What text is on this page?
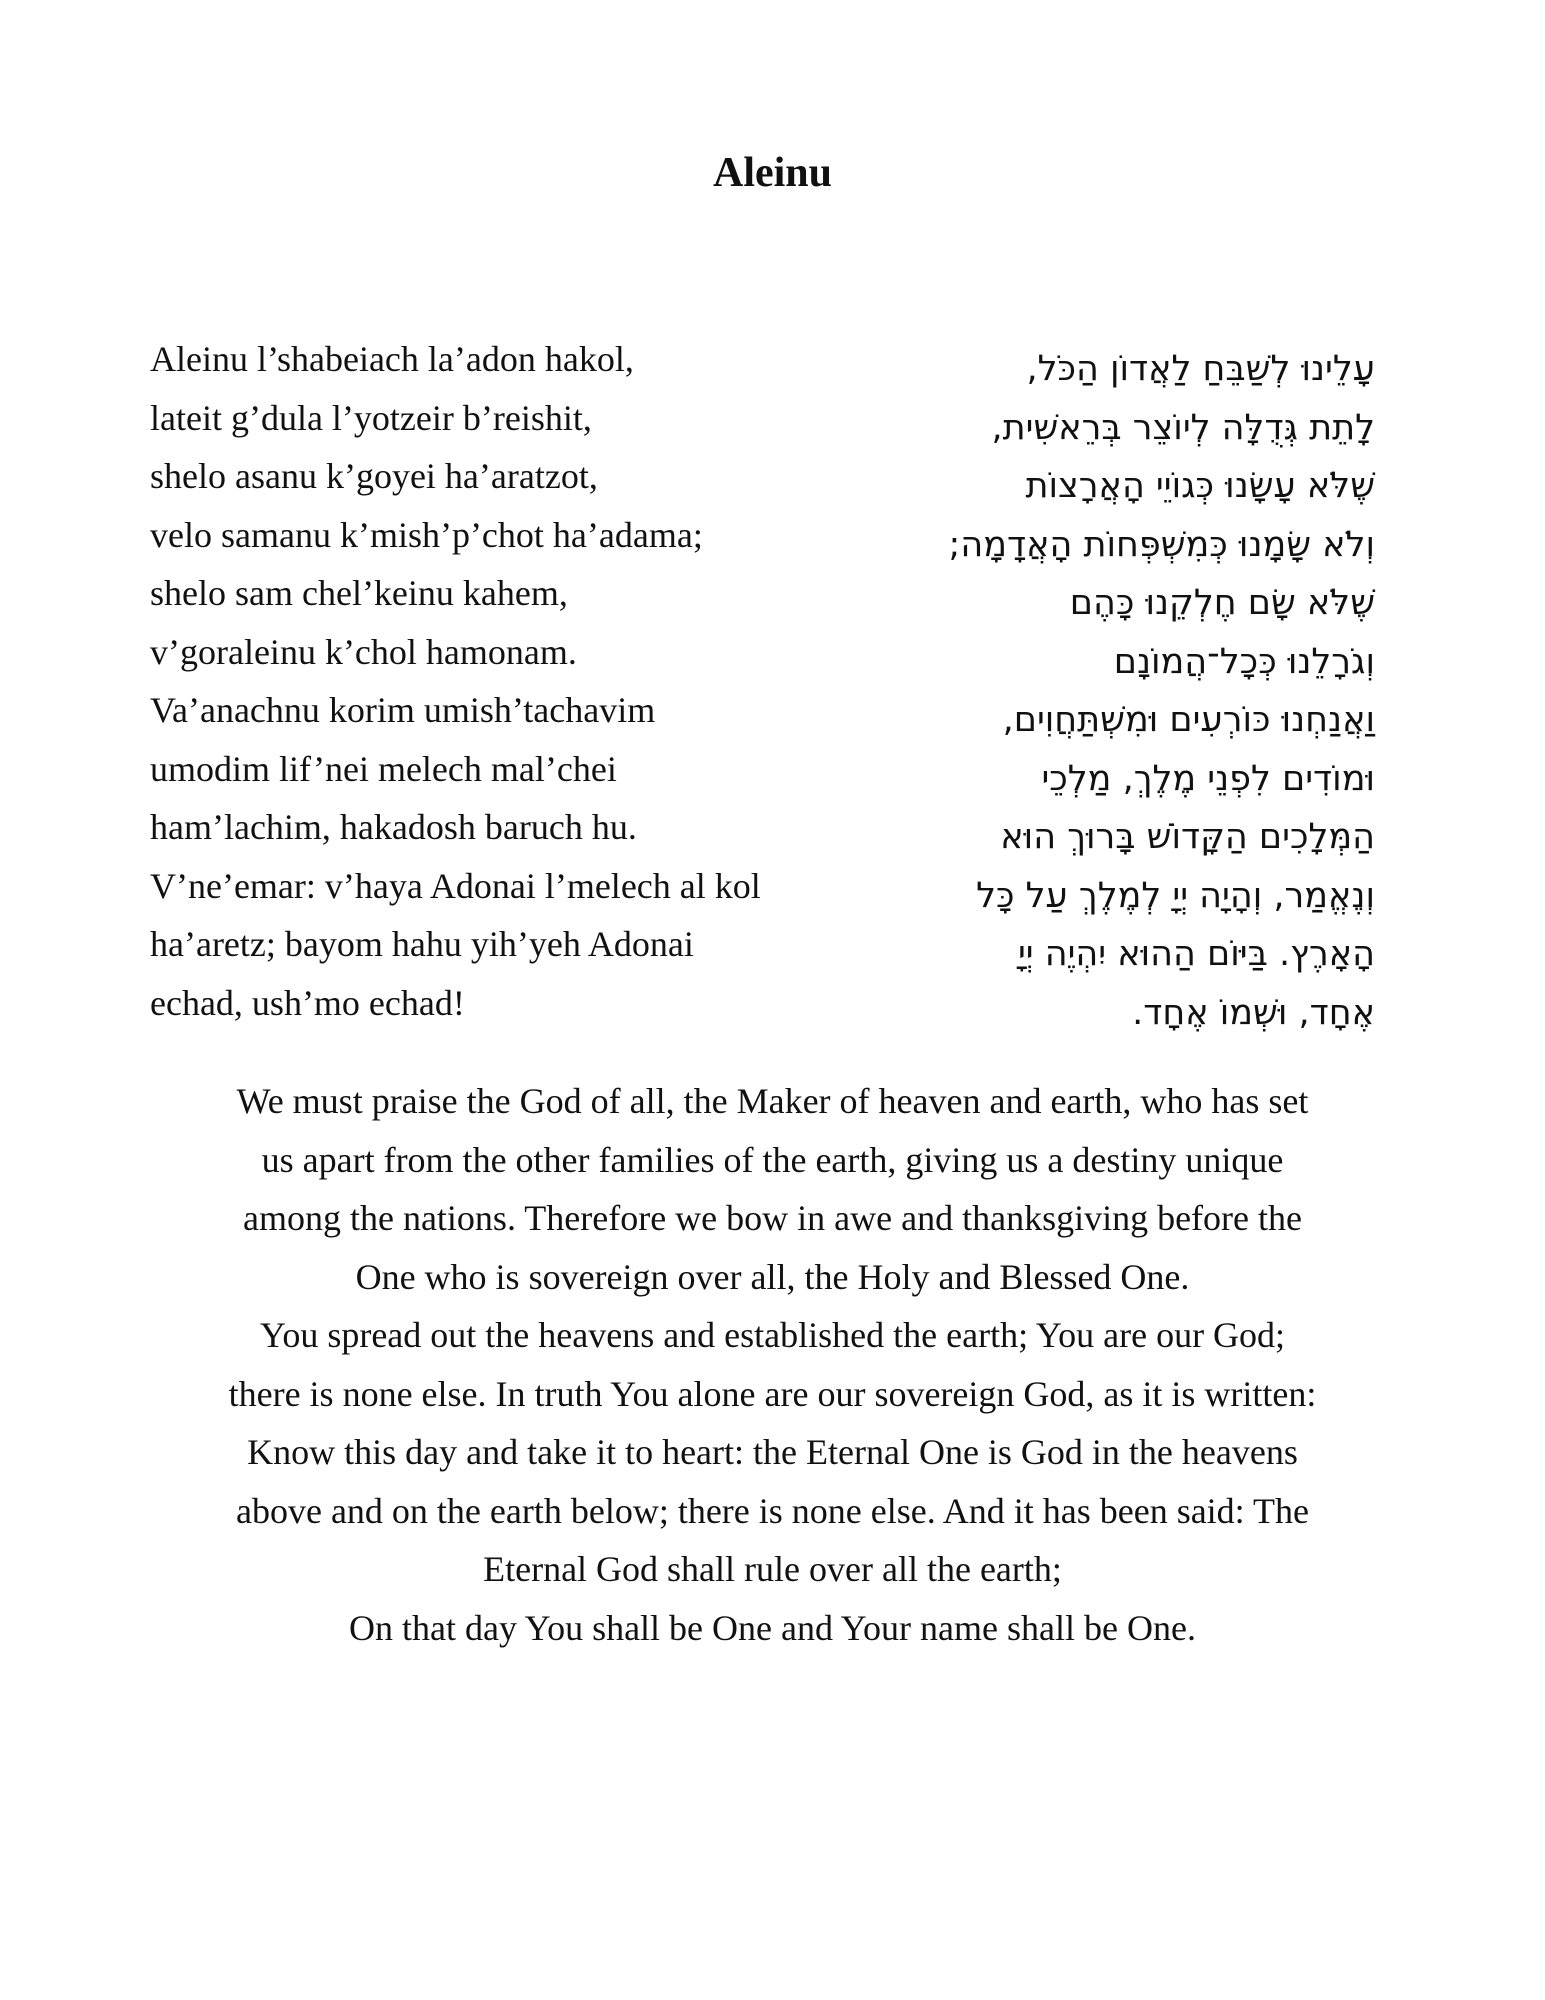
Aleinu
Aleinu l’shabeiach la’adon hakol,
lateit g’dula l’yotzeir b’reishit,
shelo asanu k’goyei ha’aratzot,
velo samanu k’mish’p’chot ha’adama;
shelo sam chel’keinu kahem,
v’goraleinu k’chol hamonam.
Va’anachnu korim umish’tachavim
umodim lif’nei melech mal’chei
ham’lachim, hakadosh baruch hu.
V’ne’emar: v’haya Adonai l’melech al kol
ha’aretz; bayom hahu yih’yeh Adonai
echad, ush’mo echad!
עָלֵינוּ לְשַׁבֵּחַ לַאֲדוֹן הַכֹּל,
לָתֵת גְּדֻלָּה לְיוֹצֵר בְּרֵאשִׁית,
שֶׁלֹּא עָשָׂנוּ כְּגוֹיֵי הָאֲרָצוֹת
וְלֹא שָׂמָנוּ כְּמִשְׁפְּחוֹת הָאֲדָמָה;
שֶׁלֹּא שָׂם חֶלְקֵנוּ כָּהֶם
וְגֹרָלֵנוּ כְּכָל־הֲמוֹנָם
וַאֲנַחְנוּ כּוֹרְעִים וּמִשְׁתַּחֲוִים,
וּמוֹדִים לִפְנֵי מֶלֶךְ, מַלְכֵי
הַמְּלָכִים הַקָּדוֹשׁ בָּרוּךְ הוּא
וְנֶאֱמַר, וְהָיָה יְיָ לְמֶלֶךְ עַל כָּל
הָאָרֶץ. בַּיּוֹם הַהוּא יִהְיֶה יְיָ
אֶחָד, וּשְׁמוֹ אֶחָד.
We must praise the God of all, the Maker of heaven and earth, who has set
us apart from the other families of the earth, giving us a destiny unique
among the nations. Therefore we bow in awe and thanksgiving before the
One who is sovereign over all, the Holy and Blessed One.
You spread out the heavens and established the earth; You are our God;
there is none else. In truth You alone are our sovereign God, as it is written:
Know this day and take it to heart: the Eternal One is God in the heavens
above and on the earth below; there is none else. And it has been said: The
Eternal God shall rule over all the earth;
On that day You shall be One and Your name shall be One.
